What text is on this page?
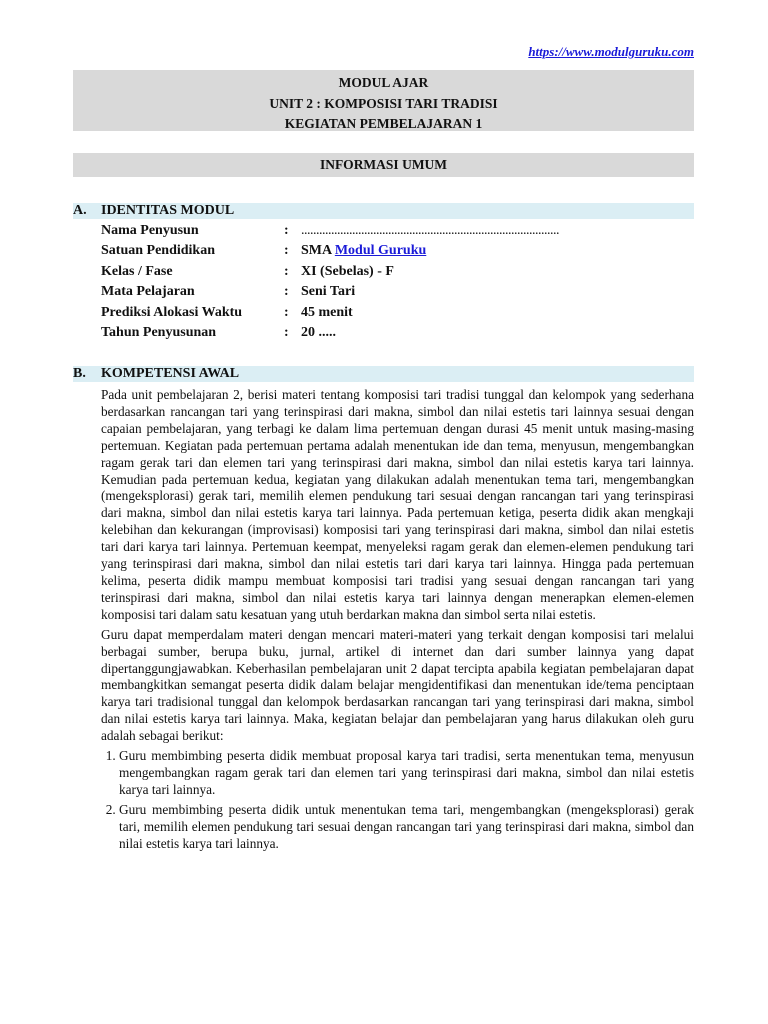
https://www.modulguruku.com
MODUL AJAR
UNIT 2 : KOMPOSISI TARI TRADISI
KEGIATAN PEMBELAJARAN 1
INFORMASI UMUM
A. IDENTITAS MODUL
Nama Penyusun	: ......................................................................................
Satuan Pendidikan	: SMA Modul Guruku
Kelas / Fase	: XI (Sebelas) - F
Mata Pelajaran	: Seni Tari
Prediksi Alokasi Waktu	: 45 menit
Tahun Penyusunan	: 20 .....
B. KOMPETENSI AWAL

Pada unit pembelajaran 2, berisi materi tentang komposisi tari tradisi tunggal dan kelompok yang sederhana berdasarkan rancangan tari yang terinspirasi dari makna, simbol dan nilai estetis tari lainnya sesuai dengan capaian pembelajaran, yang terbagi ke dalam lima pertemuan dengan durasi 45 menit untuk masing-masing pertemuan. Kegiatan pada pertemuan pertama adalah menentukan ide dan tema, menyusun, mengembangkan ragam gerak tari dan elemen tari yang terinspirasi dari makna, simbol dan nilai estetis karya tari lainnya. Kemudian pada pertemuan kedua, kegiatan yang dilakukan adalah menentukan tema tari, mengembangkan (mengeksplorasi) gerak tari, memilih elemen pendukung tari sesuai dengan rancangan tari yang terinspirasi dari makna, simbol dan nilai estetis karya tari lainnya. Pada pertemuan ketiga, peserta didik akan mengkaji kelebihan dan kekurangan (improvisasi) komposisi tari yang terinspirasi dari makna, simbol dan nilai estetis tari dari karya tari lainnya. Pertemuan keempat, menyeleksi ragam gerak dan elemen-elemen pendukung tari yang terinspirasi dari makna, simbol dan nilai estetis tari dari karya tari lainnya. Hingga pada pertemuan kelima, peserta didik mampu membuat komposisi tari tradisi yang sesuai dengan rancangan tari yang terinspirasi dari makna, simbol dan nilai estetis karya tari lainnya dengan menerapkan elemen-elemen komposisi tari dalam satu kesatuan yang utuh berdarkan makna dan simbol serta nilai estetis.

Guru dapat memperdalam materi dengan mencari materi-materi yang terkait dengan komposisi tari melalui berbagai sumber, berupa buku, jurnal, artikel di internet dan dari sumber lainnya yang dapat dipertanggungjawabkan. Keberhasilan pembelajaran unit 2 dapat tercipta apabila kegiatan pembelajaran dapat membangkitkan semangat peserta didik dalam belajar mengidentifikasi dan menentukan ide/tema penciptaan karya tari tradisional tunggal dan kelompok berdasarkan rancangan tari yang terinspirasi dari makna, simbol dan nilai estetis karya tari lainnya. Maka, kegiatan belajar dan pembelajaran yang harus dilakukan oleh guru adalah sebagai berikut:

1. Guru membimbing peserta didik membuat proposal karya tari tradisi, serta menentukan tema, menyusun mengembangkan ragam gerak tari dan elemen tari yang terinspirasi dari makna, simbol dan nilai estetis karya tari lainnya.
2. Guru membimbing peserta didik untuk menentukan tema tari, mengembangkan (mengeksplorasi) gerak tari, memilih elemen pendukung tari sesuai dengan rancangan tari yang terinspirasi dari makna, simbol dan nilai estetis karya tari lainnya.
